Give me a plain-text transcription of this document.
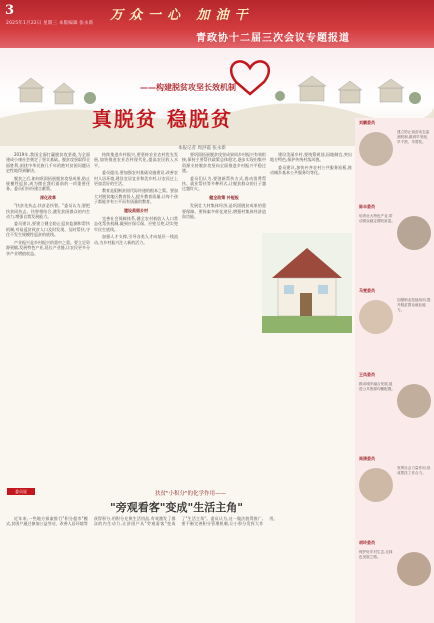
3
2025年1月22日 星期三 本版编辑 张永新
万众一心 加油干
青政协十二届三次会议专题报道
——构建脱贫攻坚长效机制
真脱贫 稳脱贫
本报记者 周洪霞 张永新

2019年,我国全面打赢脱贫攻坚战,为全面建成小康社会奠定了坚实基础。脱贫攻坚取得全面胜利,困扰中华民族几千年的绝对贫困问题历史性地得到解决。

脱贫之后,如何巩固拓展脱贫攻坚成果,防止规模性返贫,成为摆在我们面前的一项重要任务。委员们纷纷建言献策。

深化改革

"扶贫先扶志,扶贫必扶智。"委员认为,要把扶贫同扶志、扶智相结合,激发贫困群众的内生动力,增强自我发展能力。

委员建议,要建立健全防止返贫监测和帮扶机制,对易返贫致贫人口及时发现、及时帮扶,守住不发生规模性返贫的底线。

产业振兴是乡村振兴的重中之重。要立足资源禀赋,发展特色产业,延长产业链,让农民更多分享产业增值收益。

持续推进乡村振兴,要坚持农业农村优先发展,加快推进农业农村现代化,提高农民收入水平。

委员提出,要加强农村基础设施建设,改善农村人居环境,建设宜居宜业和美乡村,让农民过上更加美好的生活。

教育是阻断贫困代际传递的根本之策。要加大对脱贫地区教育投入,提升教育质量,让每个孩子都能享有公平而有质量的教育。

建设美丽乡村

完善社会保障体系,健全农村低收入人口常态化帮扶机制,做到应保尽保、应兜尽兜,切实兜牢民生底线。

加强人才支撑,引导各类人才向基层一线流动,为乡村振兴注入新的活力。

要巩固拓展脱贫攻坚成果同乡村振兴有效衔接,保持主要帮扶政策总体稳定,逐步实现由集中资源支持脱贫攻坚向全面推进乡村振兴平稳过渡。

委员们认为,要创新帮扶方式,推动消费帮扶、就业帮扶等多种形式,让脱贫群众的日子越过越红火。

健全政策 补短板

发展壮大村集体经济,是巩固脱贫成果的重要保障。要探索多样化途径,增强村集体经济造血功能。

建设美丽乡村,要统筹规划,因地制宜,突出地方特色,保护传统村落风貌。

委员建议,加快补齐农村公共服务短板,推动城乡基本公共服务均等化。

刘鹏委员
建立防止返贫动态监测机制,做到早发现、早干预、早帮扶。
陈丰委员
培育壮大特色产业,带动群众稳定增收致富。
马雯委员
加强职业技能培训,提升脱贫群众就业能力。
王凤委员
推动城乡融合发展,促进公共资源均衡配置。
周清委员
发挥社会力量作用,形成帮扶工作合力。
胡玲委员
保护好乡村生态,走绿色发展之路。
委员说	扶贫"小积分"的化学作用——
"旁观看客"变成"生活主角"

近年来,一些地方探索推行"积分超市"模式,贫困户通过参加公益劳动、改善人居环境等获得积分,用积分兑换生活用品,有效激发了群众的内生动力,让贫困户从"旁观看客"变成了"生活主角"。委员认为,这一做法值得推广,要不断完善积分管理机制,让小积分发挥大作用。
